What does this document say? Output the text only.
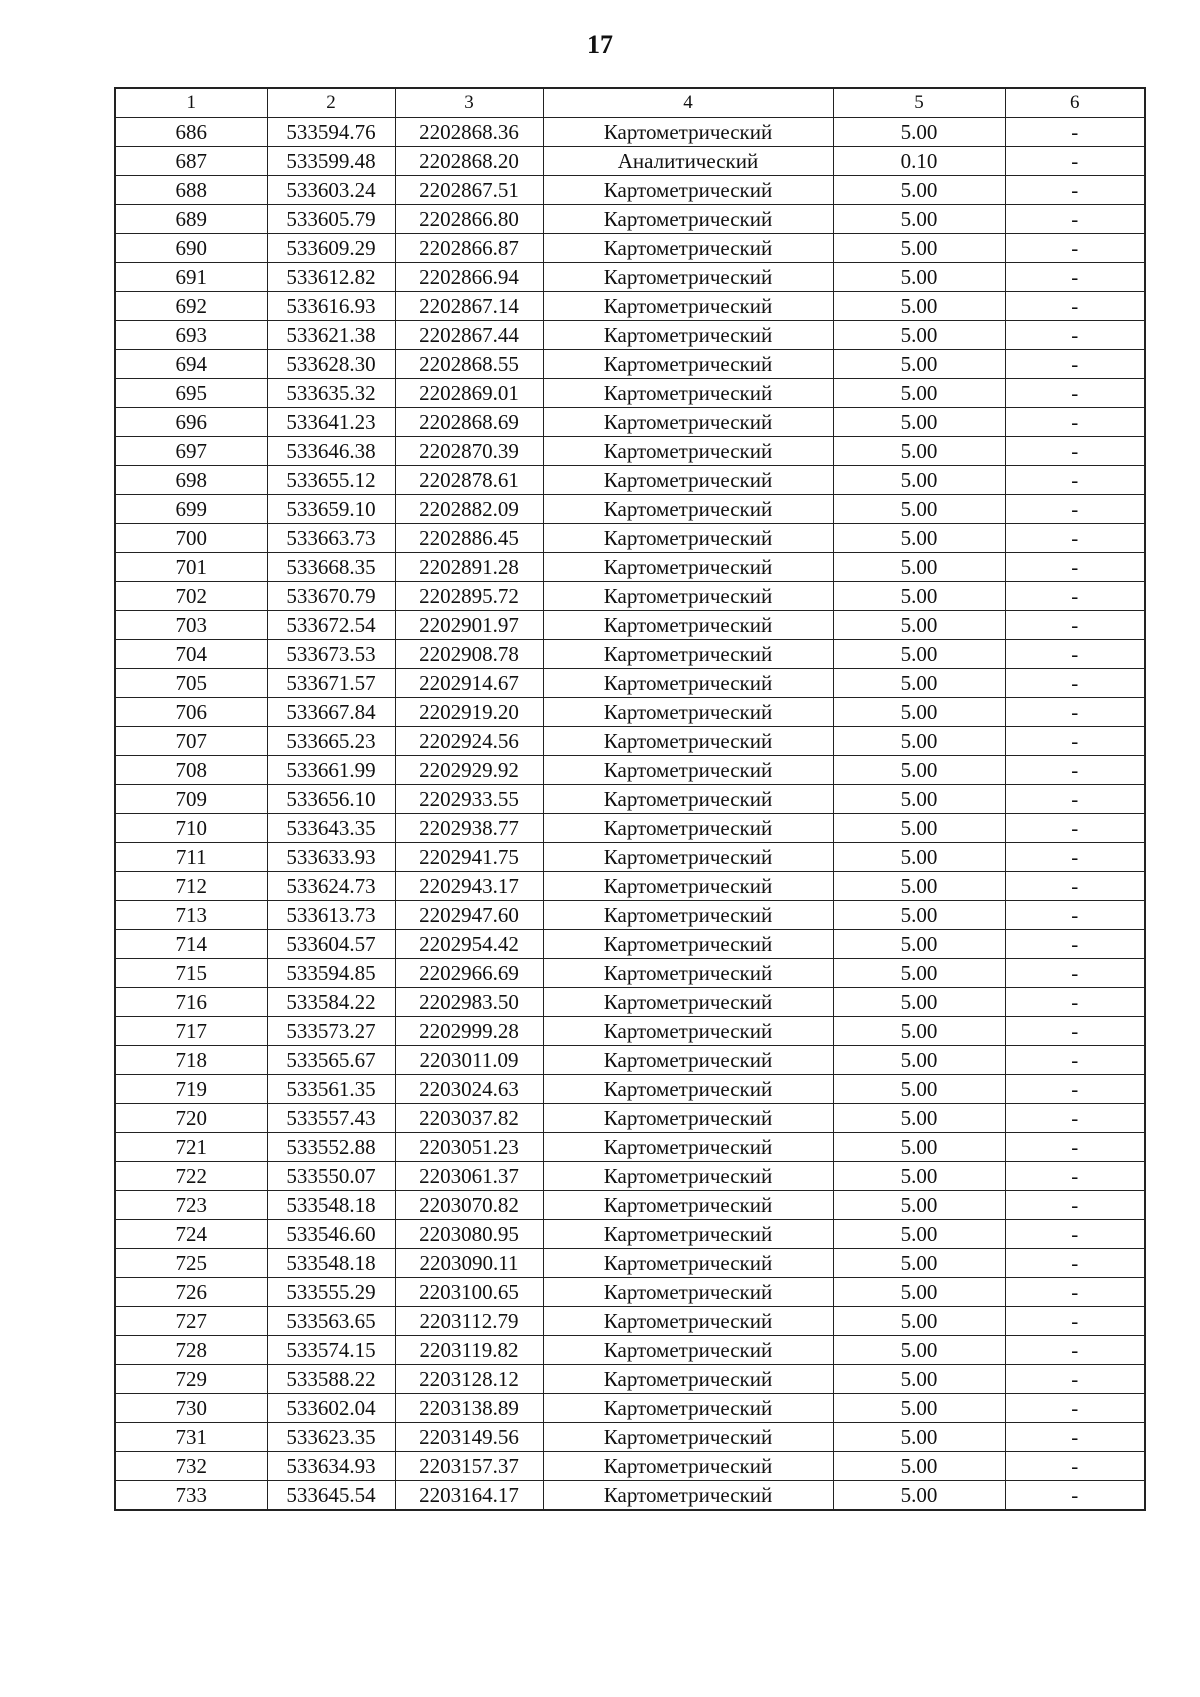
17
1	2	3	4	5	6
686	533594.76	2202868.36	Картометрический	5.00	-
687	533599.48	2202868.20	Аналитический	0.10	-
688	533603.24	2202867.51	Картометрический	5.00	-
689	533605.79	2202866.80	Картометрический	5.00	-
690	533609.29	2202866.87	Картометрический	5.00	-
691	533612.82	2202866.94	Картометрический	5.00	-
692	533616.93	2202867.14	Картометрический	5.00	-
693	533621.38	2202867.44	Картометрический	5.00	-
694	533628.30	2202868.55	Картометрический	5.00	-
695	533635.32	2202869.01	Картометрический	5.00	-
696	533641.23	2202868.69	Картометрический	5.00	-
697	533646.38	2202870.39	Картометрический	5.00	-
698	533655.12	2202878.61	Картометрический	5.00	-
699	533659.10	2202882.09	Картометрический	5.00	-
700	533663.73	2202886.45	Картометрический	5.00	-
701	533668.35	2202891.28	Картометрический	5.00	-
702	533670.79	2202895.72	Картометрический	5.00	-
703	533672.54	2202901.97	Картометрический	5.00	-
704	533673.53	2202908.78	Картометрический	5.00	-
705	533671.57	2202914.67	Картометрический	5.00	-
706	533667.84	2202919.20	Картометрический	5.00	-
707	533665.23	2202924.56	Картометрический	5.00	-
708	533661.99	2202929.92	Картометрический	5.00	-
709	533656.10	2202933.55	Картометрический	5.00	-
710	533643.35	2202938.77	Картометрический	5.00	-
711	533633.93	2202941.75	Картометрический	5.00	-
712	533624.73	2202943.17	Картометрический	5.00	-
713	533613.73	2202947.60	Картометрический	5.00	-
714	533604.57	2202954.42	Картометрический	5.00	-
715	533594.85	2202966.69	Картометрический	5.00	-
716	533584.22	2202983.50	Картометрический	5.00	-
717	533573.27	2202999.28	Картометрический	5.00	-
718	533565.67	2203011.09	Картометрический	5.00	-
719	533561.35	2203024.63	Картометрический	5.00	-
720	533557.43	2203037.82	Картометрический	5.00	-
721	533552.88	2203051.23	Картометрический	5.00	-
722	533550.07	2203061.37	Картометрический	5.00	-
723	533548.18	2203070.82	Картометрический	5.00	-
724	533546.60	2203080.95	Картометрический	5.00	-
725	533548.18	2203090.11	Картометрический	5.00	-
726	533555.29	2203100.65	Картометрический	5.00	-
727	533563.65	2203112.79	Картометрический	5.00	-
728	533574.15	2203119.82	Картометрический	5.00	-
729	533588.22	2203128.12	Картометрический	5.00	-
730	533602.04	2203138.89	Картометрический	5.00	-
731	533623.35	2203149.56	Картометрический	5.00	-
732	533634.93	2203157.37	Картометрический	5.00	-
733	533645.54	2203164.17	Картометрический	5.00	-
